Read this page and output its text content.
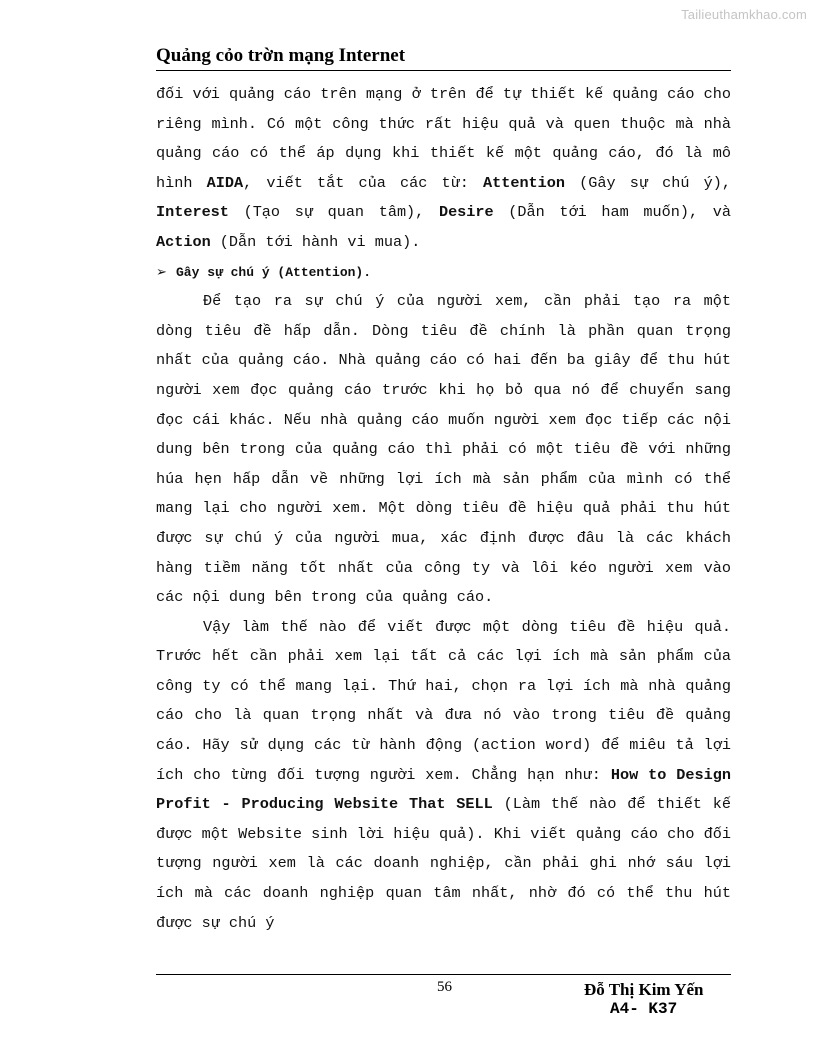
Tailieuthamkhao.com
Quảng cỏo trờn mạng Internet

đối với quảng cáo trên mạng ở trên để tự thiết kế quảng cáo cho riêng mình. Có một công thức rất hiệu quả và quen thuộc mà nhà quảng cáo có thể áp dụng khi thiết kế một quảng cáo, đó là mô hình AIDA, viết tắt của các từ: Attention (Gây sự chú ý), Interest (Tạo sự quan tâm), Desire (Dẫn tới ham muốn), và Action (Dẫn tới hành vi mua).

➢ Gây sự chú ý (Attention).

Để tạo ra sự chú ý của người xem, cần phải tạo ra một dòng tiêu đề hấp dẫn. Dòng tiêu đề chính là phần quan trọng nhất của quảng cáo. Nhà quảng cáo có hai đến ba giây để thu hút người xem đọc quảng cáo trước khi họ bỏ qua nó để chuyển sang đọc cái khác. Nếu nhà quảng cáo muốn người xem đọc tiếp các nội dung bên trong của quảng cáo thì phải có một tiêu đề với những húa hẹn hấp dẫn về những lợi ích mà sản phẩm của mình có thể mang lại cho người xem. Một dòng tiêu đề hiệu quả phải thu hút được sự chú ý của người mua, xác định được đâu là các khách hàng tiềm năng tốt nhất của công ty và lôi kéo người xem vào các nội dung bên trong của quảng cáo.

Vậy làm thế nào để viết được một dòng tiêu đề hiệu quả. Trước hết cần phải xem lại tất cả các lợi ích mà sản phẩm của công ty có thể mang lại. Thứ hai, chọn ra lợi ích mà nhà quảng cáo cho là quan trọng nhất và đưa nó vào trong tiêu đề quảng cáo. Hãy sử dụng các từ hành động (action word) để miêu tả lợi ích cho từng đối tượng người xem. Chẳng hạn như: How to Design Profit - Producing Website That SELL (Làm thế nào để thiết kế được một Website sinh lời hiệu quả). Khi viết quảng cáo cho đối tượng người xem là các doanh nghiệp, cần phải ghi nhớ sáu lợi ích mà các doanh nghiệp quan tâm nhất, nhờ đó có thể thu hút được sự chú ý

56	Đỗ Thị Kim Yến
A4- K37
